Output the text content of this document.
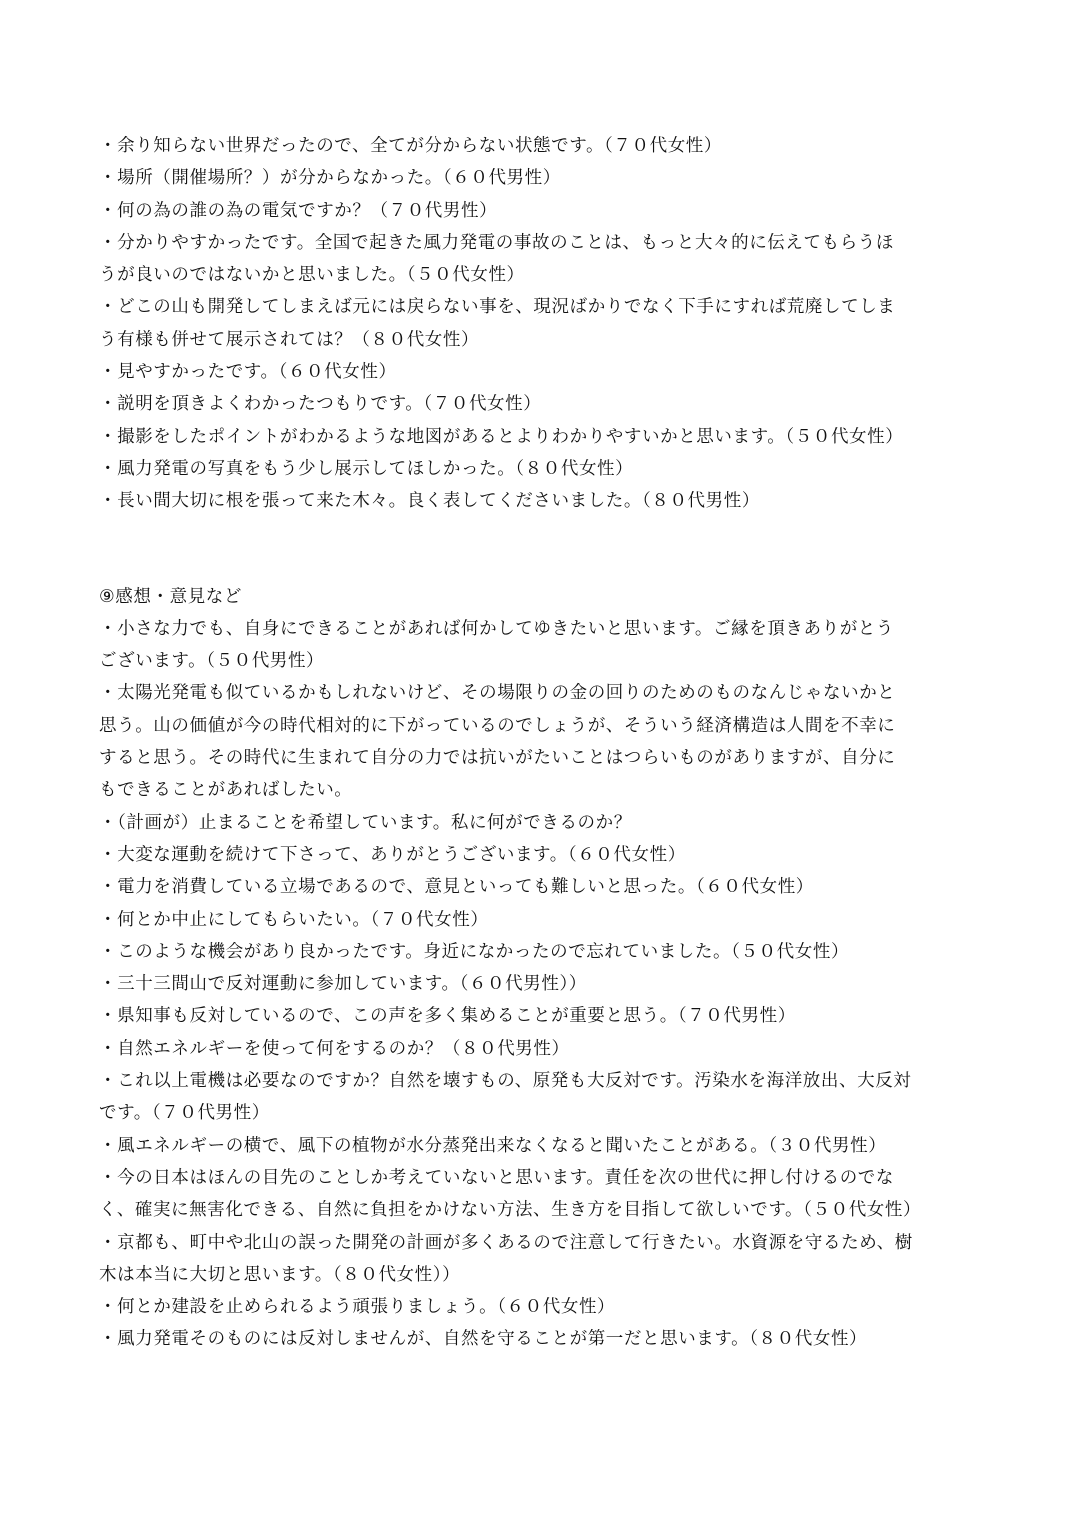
・余り知らない世界だったので、全てが分からない状態です。（７０代女性）

・場所（開催場所？）が分からなかった。（６０代男性）

・何の為の誰の為の電気ですか？（７０代男性）

・分かりやすかったです。全国で起きた風力発電の事故のことは、もっと大々的に伝えてもらうほ

うが良いのではないかと思いました。（５０代女性）

・どこの山も開発してしまえば元には戻らない事を、現況ばかりでなく下手にすれば荒廃してしま

う有様も併せて展示されては？（８０代女性）

・見やすかったです。（６０代女性）

・説明を頂きよくわかったつもりです。（７０代女性）

・撮影をしたポイントがわかるような地図があるとよりわかりやすいかと思います。（５０代女性）

・風力発電の写真をもう少し展示してほしかった。（８０代女性）

・長い間大切に根を張って来た木々。良く表してくださいました。（８０代男性）

⑨感想・意見など

・小さな力でも、自身にできることがあれば何かしてゆきたいと思います。ご縁を頂きありがとう

ございます。（５０代男性）

・太陽光発電も似ているかもしれないけど、その場限りの金の回りのためのものなんじゃないかと

思う。山の価値が今の時代相対的に下がっているのでしょうが、そういう経済構造は人間を不幸に

すると思う。その時代に生まれて自分の力では抗いがたいことはつらいものがありますが、自分に

もできることがあればしたい。

・（計画が）止まることを希望しています。私に何ができるのか？

・大変な運動を続けて下さって、ありがとうございます。（６０代女性）

・電力を消費している立場であるので、意見といっても難しいと思った。（６０代女性）

・何とか中止にしてもらいたい。（７０代女性）

・このような機会があり良かったです。身近になかったので忘れていました。（５０代女性）

・三十三間山で反対運動に参加しています。（６０代男性））

・県知事も反対しているので、この声を多く集めることが重要と思う。（７０代男性）

・自然エネルギーを使って何をするのか？（８０代男性）

・これ以上電機は必要なのですか？自然を壊すもの、原発も大反対です。汚染水を海洋放出、大反対

です。（７０代男性）

・風エネルギーの横で、風下の植物が水分蒸発出来なくなると聞いたことがある。（３０代男性）

・今の日本はほんの目先のことしか考えていないと思います。責任を次の世代に押し付けるのでな

く、確実に無害化できる、自然に負担をかけない方法、生き方を目指して欲しいです。（５０代女性）

・京都も、町中や北山の誤った開発の計画が多くあるので注意して行きたい。水資源を守るため、樹

木は本当に大切と思います。（８０代女性））

・何とか建設を止められるよう頑張りましょう。（６０代女性）

・風力発電そのものには反対しませんが、自然を守ることが第一だと思います。（８０代女性）
